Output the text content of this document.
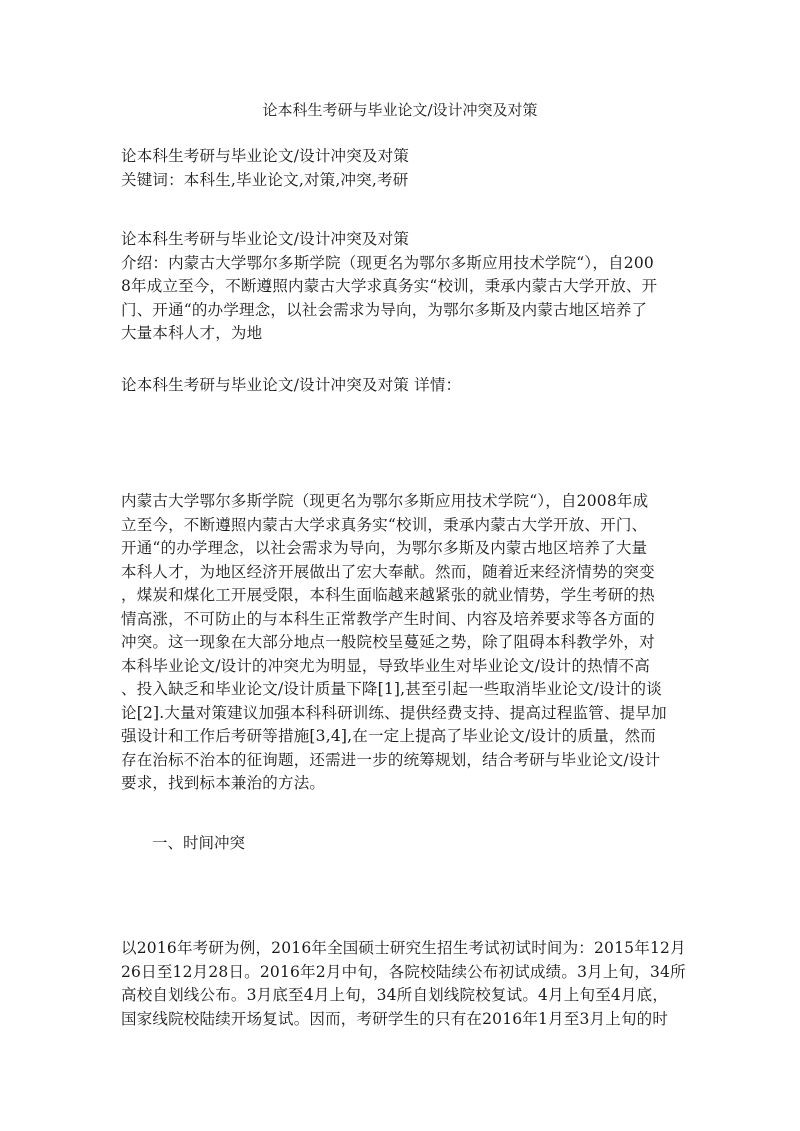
论本科生考研与毕业论文/设计冲突及对策

论本科生考研与毕业论文/设计冲突及对策

关键词：本科生,毕业论文,对策,冲突,考研

论本科生考研与毕业论文/设计冲突及对策

介绍：内蒙古大学鄂尔多斯学院（现更名为鄂尔多斯应用技术学院“），自200
8年成立至今，不断遵照内蒙古大学求真务实“校训，秉承内蒙古大学开放、开
门、开通“的办学理念，以社会需求为导向，为鄂尔多斯及内蒙古地区培养了
大量本科人才，为地

论本科生考研与毕业论文/设计冲突及对策 详情：

内蒙古大学鄂尔多斯学院（现更名为鄂尔多斯应用技术学院“），自2008年成
立至今，不断遵照内蒙古大学求真务实“校训，秉承内蒙古大学开放、开门、
开通“的办学理念，以社会需求为导向，为鄂尔多斯及内蒙古地区培养了大量
本科人才，为地区经济开展做出了宏大奉献。然而，随着近来经济情势的突变
，煤炭和煤化工开展受限，本科生面临越来越紧张的就业情势，学生考研的热
情高涨，不可防止的与本科生正常教学产生时间、内容及培养要求等各方面的
冲突。这一现象在大部分地点一般院校呈蔓延之势，除了阻碍本科教学外，对
本科毕业论文/设计的冲突尤为明显，导致毕业生对毕业论文/设计的热情不高
、投入缺乏和毕业论文/设计质量下降[1],甚至引起一些取消毕业论文/设计的谈
论[2].大量对策建议加强本科科研训练、提供经费支持、提高过程监管、提早加
强设计和工作后考研等措施[3,4],在一定上提高了毕业论文/设计的质量，然而
存在治标不治本的征询题，还需进一步的统筹规划，结合考研与毕业论文/设计
要求，找到标本兼治的方法。
一、时间冲突
以2016年考研为例，2016年全国硕士研究生招生考试初试时间为：2015年12月
26日至12月28日。2016年2月中旬，各院校陆续公布初试成绩。3月上旬，34所
高校自划线公布。3月底至4月上旬，34所自划线院校复试。4月上旬至4月底，
国家线院校陆续开场复试。因而，考研学生的只有在2016年1月至3月上旬的时
